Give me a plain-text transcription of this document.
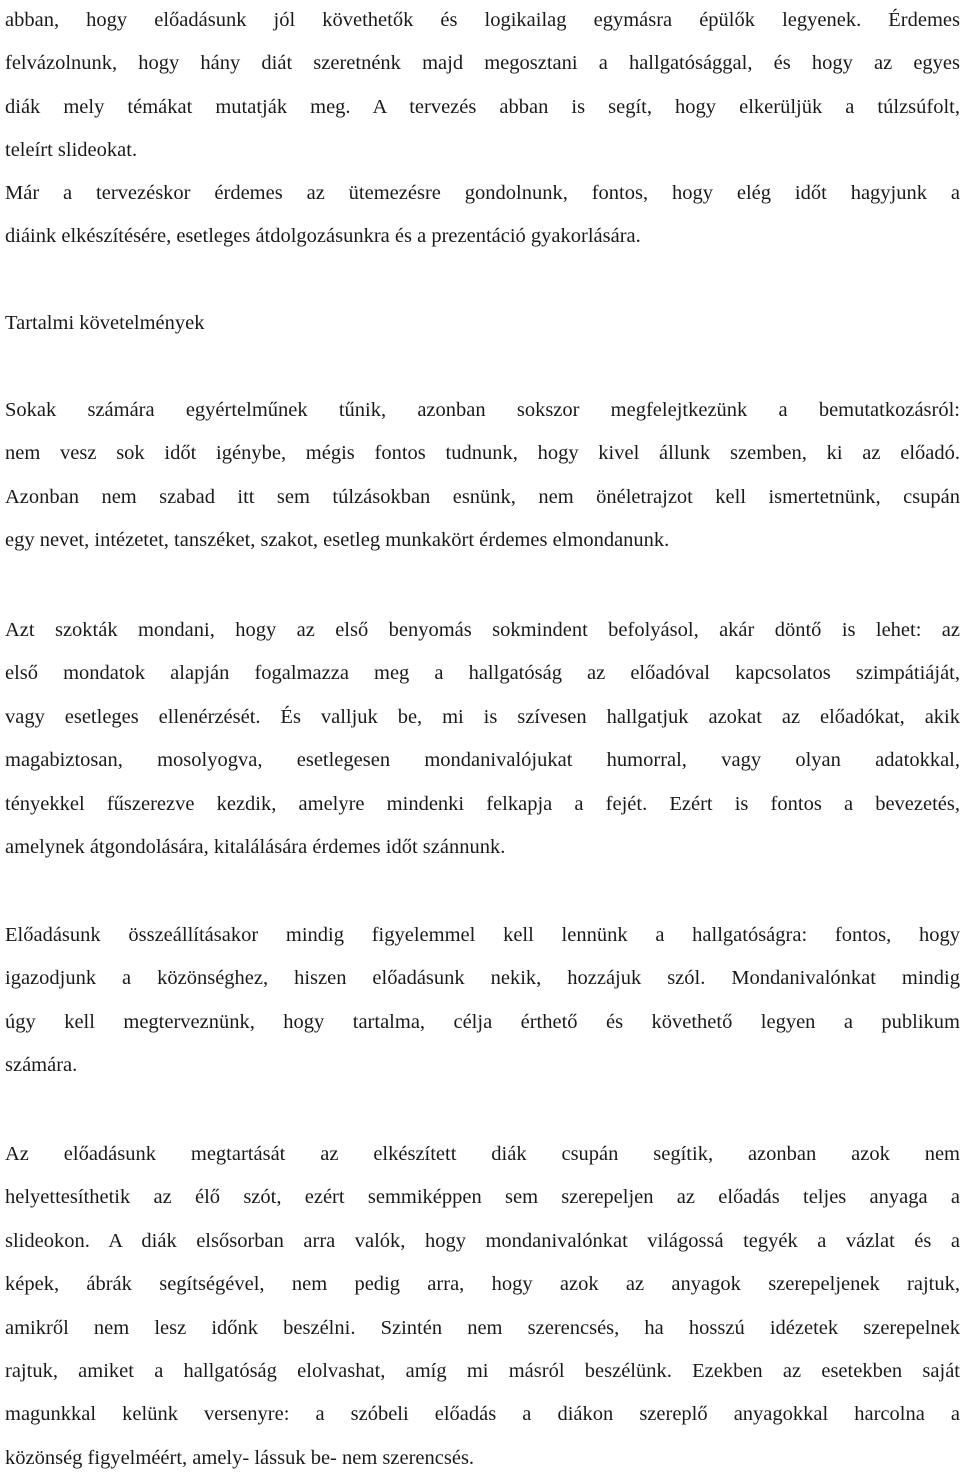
abban, hogy előadásunk jól követhetők és logikailag egymásra épülők legyenek. Érdemes
felvázolnunk, hogy hány diát szeretnénk majd megosztani a hallgatósággal, és hogy az egyes
diák mely témákat mutatják meg. A tervezés abban is segít, hogy elkerüljük a túlzsúfolt,
teleírt slideokat.
Már a tervezéskor érdemes az ütemezésre gondolnunk, fontos, hogy elég időt hagyjunk a
diáink elkészítésére, esetleges átdolgozásunkra és a prezentáció gyakorlására.
Tartalmi követelmények
Sokak számára egyértelműnek tűnik, azonban sokszor megfelejtkezünk a bemutatkozásról:
nem vesz sok időt igénybe, mégis fontos tudnunk, hogy kivel állunk szemben, ki az előadó.
Azonban nem szabad itt sem túlzásokban esnünk, nem önéletrajzot kell ismertetnünk, csupán
egy nevet, intézetet, tanszéket, szakot, esetleg munkakört érdemes elmondanunk.
Azt szokták mondani, hogy az első benyomás sokmindent befolyásol, akár döntő is lehet: az
első mondatok alapján fogalmazza meg a hallgatóság az előadóval kapcsolatos szimpátiáját,
vagy esetleges ellenérzését. És valljuk be, mi is szívesen hallgatjuk azokat az előadókat, akik
magabiztosan, mosolyogva, esetlegesen mondanivalójukat humorral, vagy olyan adatokkal,
tényekkel fűszerezve kezdik, amelyre mindenki felkapja a fejét. Ezért is fontos a bevezetés,
amelynek átgondolására, kitalálására érdemes időt szánnunk.
Előadásunk összeállításakor mindig figyelemmel kell lennünk a hallgatóságra: fontos, hogy
igazodjunk a közönséghez, hiszen előadásunk nekik, hozzájuk szól. Mondanivalónkat mindig
úgy kell megterveznünk, hogy tartalma, célja érthető és követhető legyen a publikum
számára.
Az előadásunk megtartását az elkészített diák csupán segítik, azonban azok nem
helyettesíthetik az élő szót, ezért semmiképpen sem szerepeljen az előadás teljes anyaga a
slideokon. A diák elsősorban arra valók, hogy mondanivalónkat világossá tegyék a vázlat és a
képek, ábrák segítségével, nem pedig arra, hogy azok az anyagok szerepeljenek rajtuk,
amikről nem lesz időnk beszélni. Szintén nem szerencsés, ha hosszú idézetek szerepelnek
rajtuk, amiket a hallgatóság elolvashat, amíg mi másról beszélünk. Ezekben az esetekben saját
magunkkal kelünk versenyre: a szóbeli előadás a diákon szereplő anyagokkal harcolna a
közönség figyelméért, amely- lássuk be- nem szerencsés.
